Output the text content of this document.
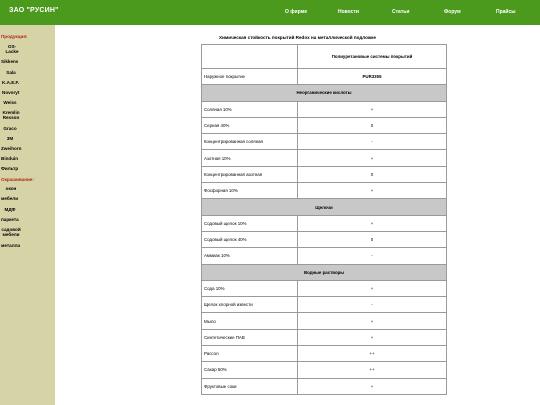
ЗАО "РУСИН"	О фирме	Новости	Статьи	Форум	Прайсы
Продукция:
OS-
Lacke
Sikkens
Sala
K.A.E.F.
Novoryt
Weiss
Kremlin
Rexson
Graco
3M
Zweihorn
Binduin
Фильтр
Окрашивание:
окон
мебели
МДФ
паркета
садовой
мебели
металла
Химическая стойкость покрытий Redox на металлической подложке
	Полиуретановые системы покрытий
Наружное покрытие	PUR3355
Неорганические кислоты	
Соляная 10%	+
Серная 40%	0
Концентрированная соляная	-
Азотная 10%	+
Концентрированная азотная	0
Фосфорная 10%	+
Щелочи	
Содовый щелок 10%	+
Содовый щелок 40%	0
Аммиак 10%	-
Водные растворы	
Сода 10%	+
Щелок хлорной извести	-
Мыло	+
Синтетические ПАВ	+
Рассол	++
Сахар 50%	++
Фруктовые соки	+
